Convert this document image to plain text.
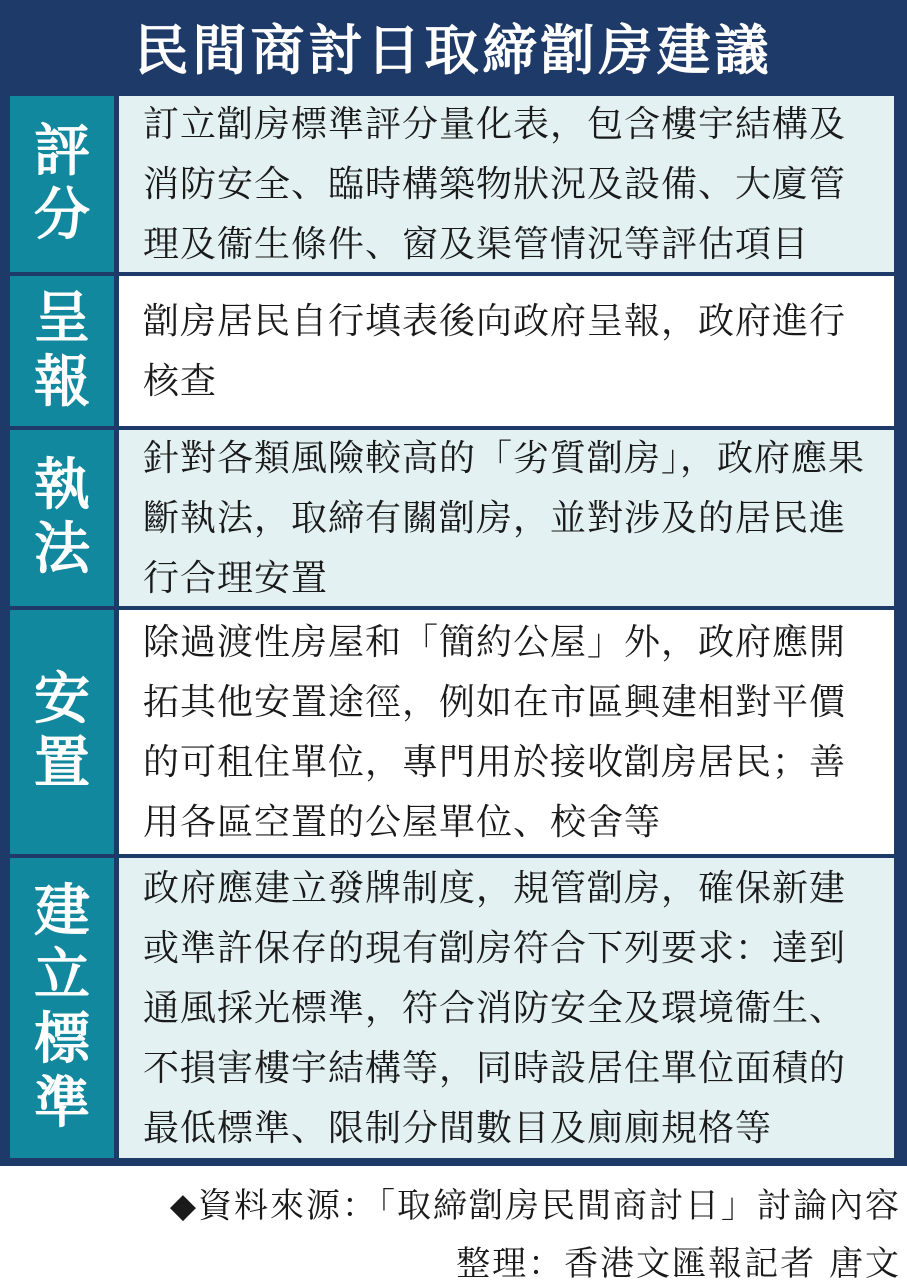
民間商討日取締劏房建議
評
分
訂立劏房標準評分量化表，包含樓宇結構及消防安全、臨時構築物狀況及設備、大廈管理及衞生條件、窗及渠管情況等評估項目
呈
報
劏房居民自行填表後向政府呈報，政府進行核查
執
法
針對各類風險較高的「劣質劏房」，政府應果斷執法，取締有關劏房，並對涉及的居民進行合理安置
安
置
除過渡性房屋和「簡約公屋」外，政府應開拓其他安置途徑，例如在市區興建相對平價的可租住單位，專門用於接收劏房居民；善用各區空置的公屋單位、校舍等
建
立
標
準
政府應建立發牌制度，規管劏房，確保新建或準許保存的現有劏房符合下列要求：達到通風採光標準，符合消防安全及環境衞生、不損害樓宇結構等，同時設居住單位面積的最低標準、限制分間數目及廁廁規格等
◆資料來源：「取締劏房民間商討日」討論內容
整理：香港文匯報記者 唐文
